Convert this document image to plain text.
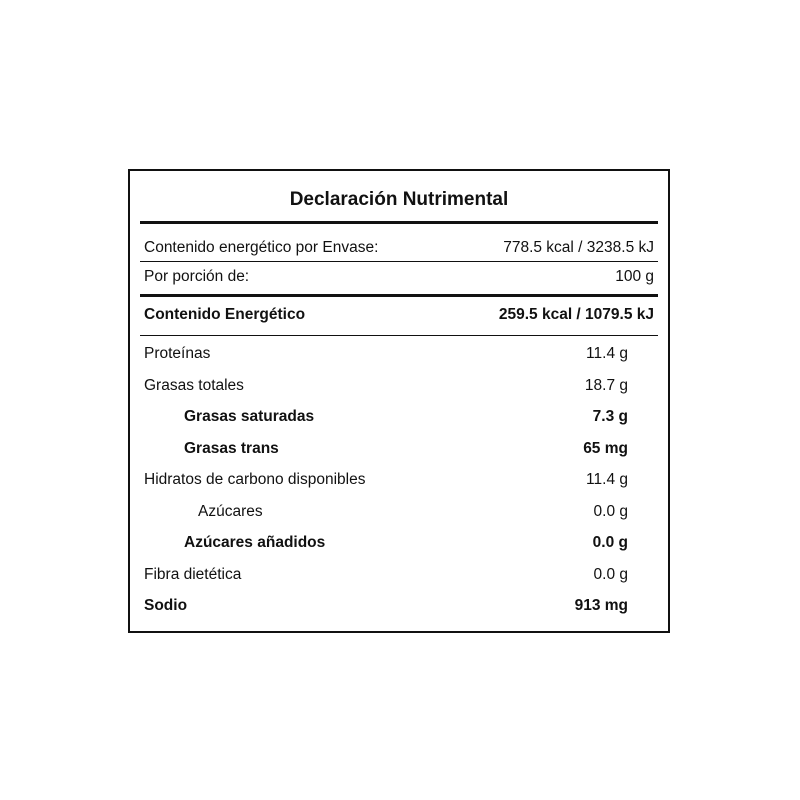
Declaración Nutrimental
Contenido energético por Envase:	778.5 kcal / 3238.5 kJ
Por porción de:	100 g
Contenido Energético	259.5 kcal / 1079.5 kJ
Proteínas	11.4 g
Grasas totales	18.7 g
Grasas saturadas	7.3 g
Grasas trans	65 mg
Hidratos de carbono disponibles	11.4 g
Azúcares	0.0 g
Azúcares añadidos	0.0 g
Fibra dietética	0.0 g
Sodio	913 mg
